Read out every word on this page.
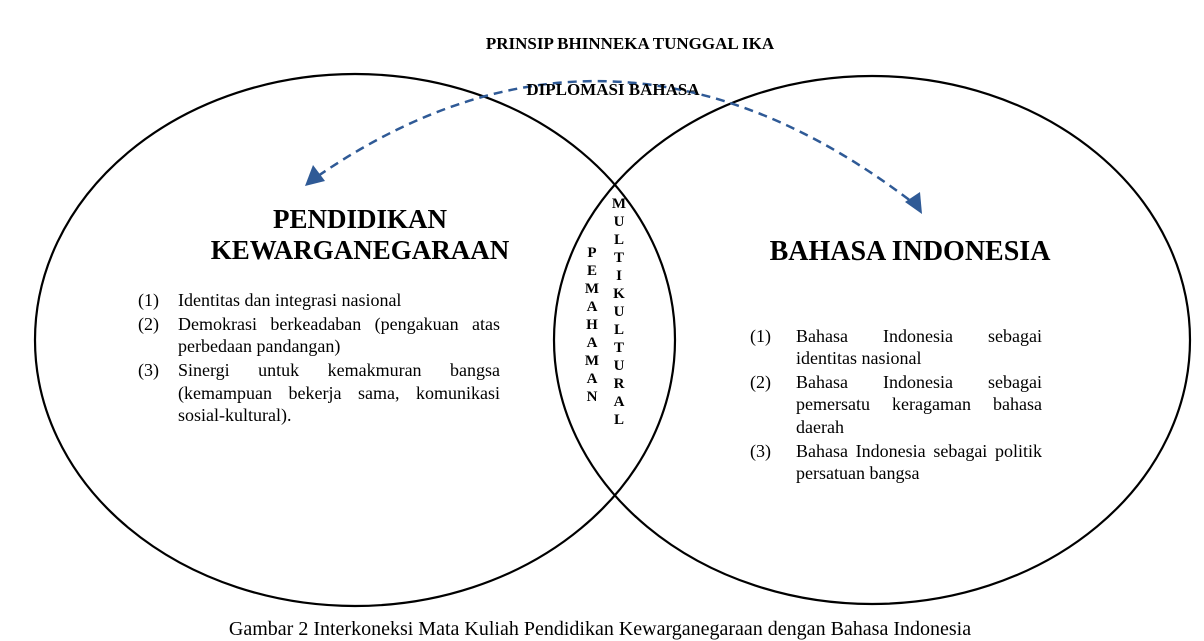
PRINSIP BHINNEKA TUNGGAL IKA
DIPLOMASI BAHASA
PENDIDIKAN
KEWARGANEGARAAN
(1)	Identitas dan integrasi nasional
(2)	Demokrasi berkeadaban (pengakuan atas perbedaan pandangan)
(3)	Sinergi untuk kemakmuran bangsa (kemampuan bekerja sama, komunikasi sosial-kultural).
BAHASA INDONESIA
(1)	Bahasa Indonesia sebagai identitas nasional
(2)	Bahasa Indonesia sebagai pemersatu keragaman bahasa daerah
(3)	Bahasa Indonesia sebagai politik persatuan bangsa
P
E
M
A
H
A
M
A
N
M
U
L
T
I
K
U
L
T
U
R
A
L
Gambar 2 Interkoneksi Mata Kuliah Pendidikan Kewarganegaraan dengan Bahasa Indonesia
